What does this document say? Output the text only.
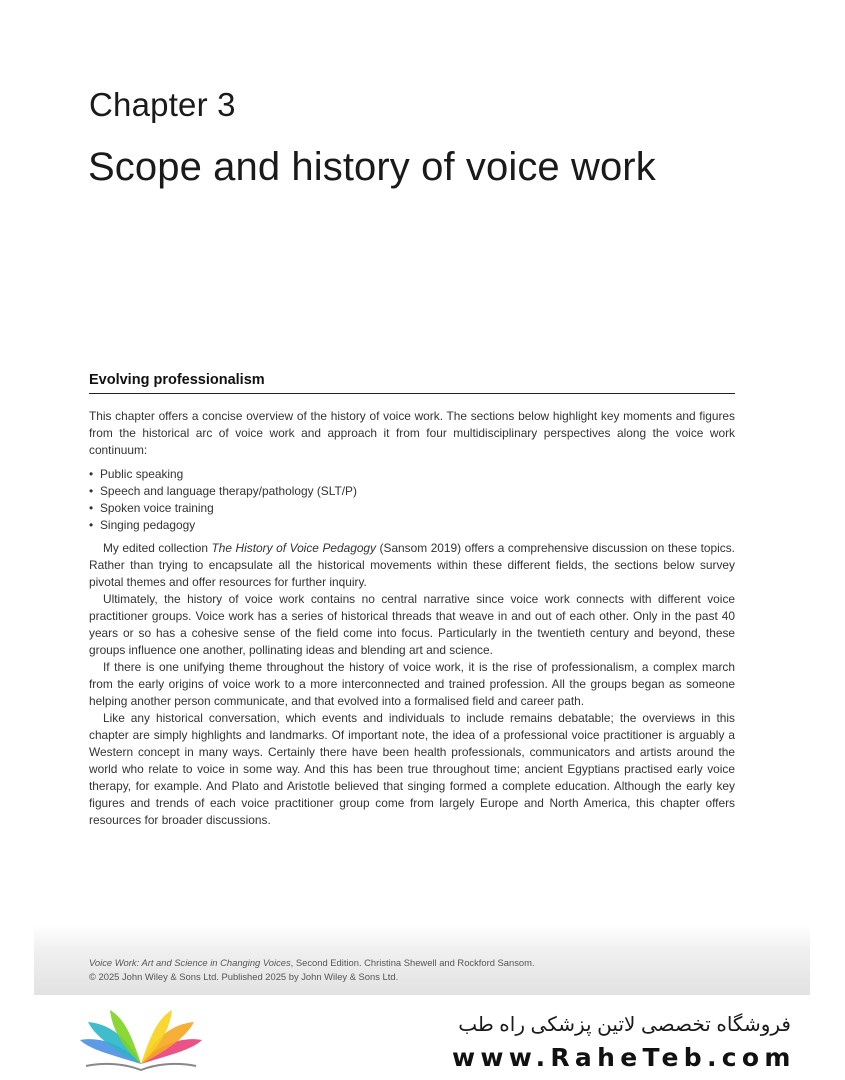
Chapter 3
Scope and history of voice work
Evolving professionalism

This chapter offers a concise overview of the history of voice work. The sections below highlight key moments and figures from the historical arc of voice work and approach it from four multidisciplinary perspectives along the voice work continuum:

• Public speaking
• Speech and language therapy/pathology (SLT/P)
• Spoken voice training
• Singing pedagogy

My edited collection The History of Voice Pedagogy (Sansom 2019) offers a comprehensive discussion on these topics. Rather than trying to encapsulate all the historical movements within these different fields, the sections below survey pivotal themes and offer resources for further inquiry.

Ultimately, the history of voice work contains no central narrative since voice work connects with different voice practitioner groups. Voice work has a series of historical threads that weave in and out of each other. Only in the past 40 years or so has a cohesive sense of the field come into focus. Particularly in the twentieth century and beyond, these groups influence one another, pollinating ideas and blending art and science.

If there is one unifying theme throughout the history of voice work, it is the rise of professionalism, a complex march from the early origins of voice work to a more interconnected and trained profession. All the groups began as someone helping another person communicate, and that evolved into a formalised field and career path.

Like any historical conversation, which events and individuals to include remains debatable; the overviews in this chapter are simply highlights and landmarks. Of important note, the idea of a professional voice practitioner is arguably a Western concept in many ways. Certainly there have been health professionals, communicators and artists around the world who relate to voice in some way. And this has been true throughout time; ancient Egyptians practised early voice therapy, for example. And Plato and Aristotle believed that singing formed a complete education. Although the early key figures and trends of each voice practitioner group come from largely Europe and North America, this chapter offers resources for broader discussions.

Voice Work: Art and Science in Changing Voices, Second Edition. Christina Shewell and Rockford Sansom.
© 2025 John Wiley & Sons Ltd. Published 2025 by John Wiley & Sons Ltd.
فروشگاه تخصصی لاتین پزشکی راه طب
www.RaheTeb.com
